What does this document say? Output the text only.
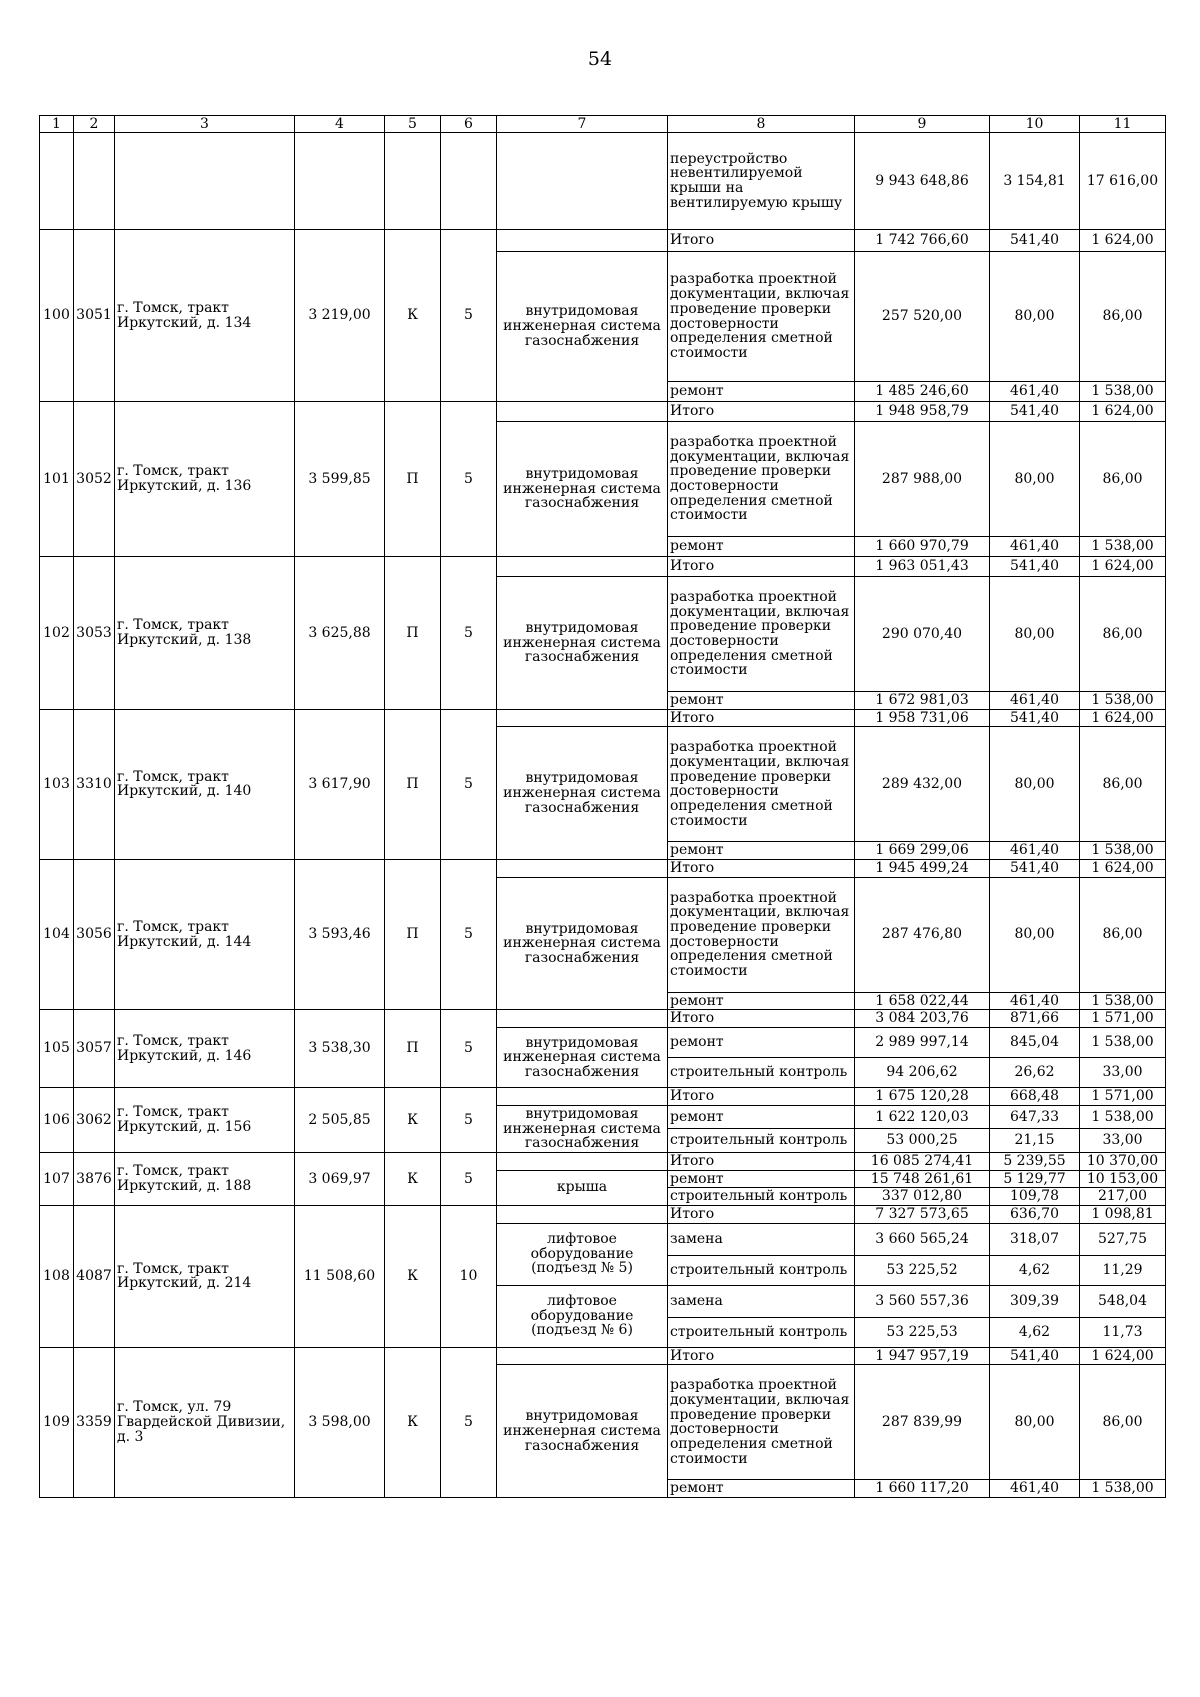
54
1	2	3	4	5	6	7	8	9	10	11
							переустройство невентилируемой крыши на вентилируемую крышу	9 943 648,86	3 154,81	17 616,00
100	3051	г. Томск, тракт Иркутский, д. 134	3 219,00	К	5		Итого	1 742 766,60	541,40	1 624,00
						внутридомовая инженерная система газоснабжения	разработка проектной документации, включая проведение проверки достоверности определения сметной стоимости	257 520,00	80,00	86,00
							ремонт	1 485 246,60	461,40	1 538,00
101	3052	г. Томск, тракт Иркутский, д. 136	3 599,85	П	5		Итого	1 948 958,79	541,40	1 624,00
						внутридомовая инженерная система газоснабжения	разработка проектной документации, включая проведение проверки достоверности определения сметной стоимости	287 988,00	80,00	86,00
							ремонт	1 660 970,79	461,40	1 538,00
102	3053	г. Томск, тракт Иркутский, д. 138	3 625,88	П	5		Итого	1 963 051,43	541,40	1 624,00
						внутридомовая инженерная система газоснабжения	разработка проектной документации, включая проведение проверки достоверности определения сметной стоимости	290 070,40	80,00	86,00
							ремонт	1 672 981,03	461,40	1 538,00
103	3310	г. Томск, тракт Иркутский, д. 140	3 617,90	П	5		Итого	1 958 731,06	541,40	1 624,00
						внутридомовая инженерная система газоснабжения	разработка проектной документации, включая проведение проверки достоверности определения сметной стоимости	289 432,00	80,00	86,00
							ремонт	1 669 299,06	461,40	1 538,00
104	3056	г. Томск, тракт Иркутский, д. 144	3 593,46	П	5		Итого	1 945 499,24	541,40	1 624,00
						внутридомовая инженерная система газоснабжения	разработка проектной документации, включая проведение проверки достоверности определения сметной стоимости	287 476,80	80,00	86,00
							ремонт	1 658 022,44	461,40	1 538,00
105	3057	г. Томск, тракт Иркутский, д. 146	3 538,30	П	5		Итого	3 084 203,76	871,66	1 571,00
						внутридомовая инженерная система газоснабжения	ремонт	2 989 997,14	845,04	1 538,00
							строительный контроль	94 206,62	26,62	33,00
106	3062	г. Томск, тракт Иркутский, д. 156	2 505,85	К	5		Итого	1 675 120,28	668,48	1 571,00
						внутридомовая инженерная система газоснабжения	ремонт	1 622 120,03	647,33	1 538,00
							строительный контроль	53 000,25	21,15	33,00
107	3876	г. Томск, тракт Иркутский, д. 188	3 069,97	К	5		Итого	16 085 274,41	5 239,55	10 370,00
						крыша	ремонт	15 748 261,61	5 129,77	10 153,00
							строительный контроль	337 012,80	109,78	217,00
108	4087	г. Томск, тракт Иркутский, д. 214	11 508,60	К	10		Итого	7 327 573,65	636,70	1 098,81
						лифтовое оборудование (подъезд № 5)	замена	3 660 565,24	318,07	527,75
							строительный контроль	53 225,52	4,62	11,29
						лифтовое оборудование (подъезд № 6)	замена	3 560 557,36	309,39	548,04
							строительный контроль	53 225,53	4,62	11,73
109	3359	г. Томск, ул. 79 Гвардейской Дивизии, д. 3	3 598,00	К	5		Итого	1 947 957,19	541,40	1 624,00
						внутридомовая инженерная система газоснабжения	разработка проектной документации, включая проведение проверки достоверности определения сметной стоимости	287 839,99	80,00	86,00
							ремонт	1 660 117,20	461,40	1 538,00
